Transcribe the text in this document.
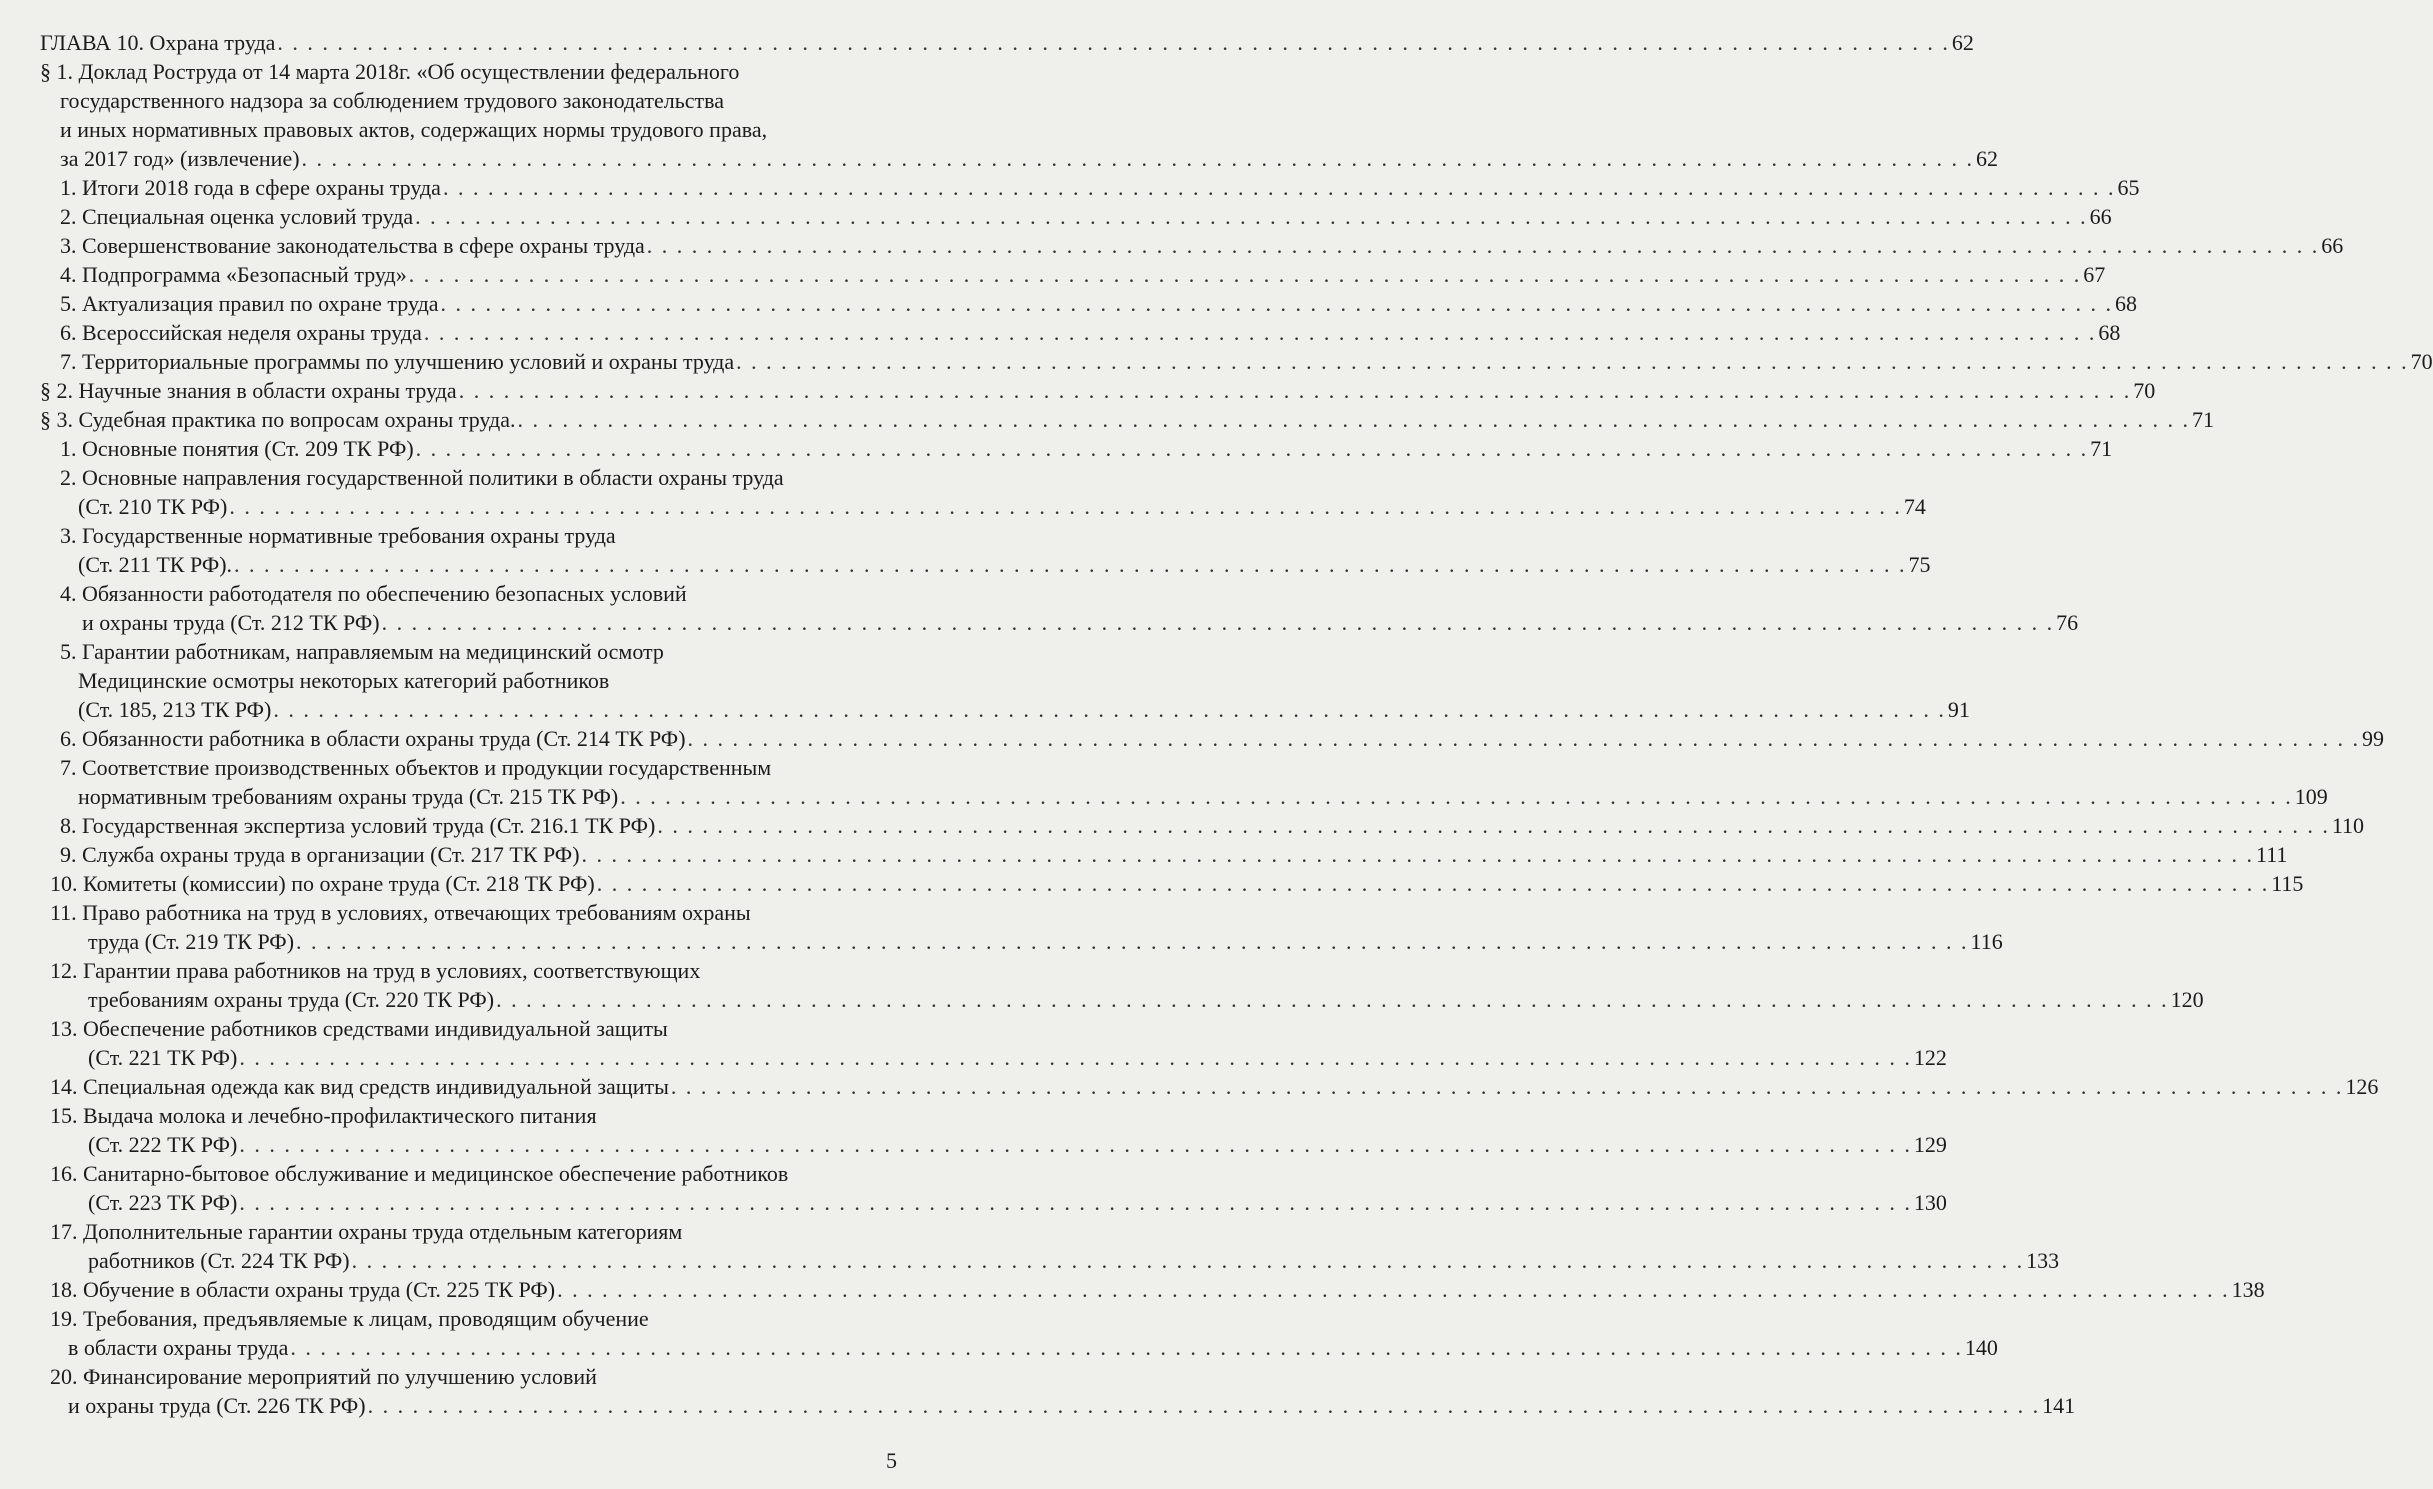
ГЛАВА 10. Охрана труда . . . . . . . . . . . . . . . . . . . . . . . . . . . . . . . . . . . . . . . . . . . . . . . . . . . . . . . . . . . . . . . . . . . . . . . . . . . . . . . . . . . . . . . . . . . . . . . . . . . . . . . . . . . . . . . . 62
§ 1. Доклад Роструда от 14 марта 2018г. «Об осуществлении федерального
государственного надзора за соблюдением трудового законодательства
и иных нормативных правовых актов, содержащих нормы трудового права,
за 2017 год» (извлечение) . . . . . . . . . . . . . . . . . . . . . . . . . . . . . . . . . . . . . . . . . . . . . . . . . . . . . . . . . . . . . . . . . . . . . . . . . . . . . . . . . . . . . . . . . . . . . . . . . . . . . . . . . . . . . . . . 62
1. Итоги 2018 года в сфере охраны труда . . . . . . . . . . . . . . . . . . . . . . . . . . . . . . . . . . . . . . . . . . . . . . . . . . . . . . . . . . . . . . . . . . . . . . . . . . . . . . . . . . . . . . . . . . . . . . . . . . . . . . . . . . . . . . . . 65
2. Специальная оценка условий труда . . . . . . . . . . . . . . . . . . . . . . . . . . . . . . . . . . . . . . . . . . . . . . . . . . . . . . . . . . . . . . . . . . . . . . . . . . . . . . . . . . . . . . . . . . . . . . . . . . . . . . . . . . . . . . . . 66
3. Совершенствование законодательства в сфере охраны труда . . . . . . . . . . . . . . . . . . . . . . . . . . . . . . . . . . . . . . . . . . . . . . . . . . . . . . . . . . . . . . . . . . . . . . . . . . . . . . . . . . . . . . . . . . . . . . . . . . . . . . . . . . . . . . . . 66
4. Подпрограмма «Безопасный труд» . . . . . . . . . . . . . . . . . . . . . . . . . . . . . . . . . . . . . . . . . . . . . . . . . . . . . . . . . . . . . . . . . . . . . . . . . . . . . . . . . . . . . . . . . . . . . . . . . . . . . . . . . . . . . . . . 67
5. Актуализация правил по охране труда . . . . . . . . . . . . . . . . . . . . . . . . . . . . . . . . . . . . . . . . . . . . . . . . . . . . . . . . . . . . . . . . . . . . . . . . . . . . . . . . . . . . . . . . . . . . . . . . . . . . . . . . . . . . . . . . 68
6. Всероссийская неделя охраны труда . . . . . . . . . . . . . . . . . . . . . . . . . . . . . . . . . . . . . . . . . . . . . . . . . . . . . . . . . . . . . . . . . . . . . . . . . . . . . . . . . . . . . . . . . . . . . . . . . . . . . . . . . . . . . . . . 68
7. Территориальные программы по улучшению условий и охраны труда . . . . . . . . . . . . . . . . . . . . . . . . . . . . . . . . . . . . . . . . . . . . . . . . . . . . . . . . . . . . . . . . . . . . . . . . . . . . . . . . . . . . . . . . . . . . . . . . . . . . . . . . . . . . . . . . 70
§ 2. Научные знания в области охраны труда . . . . . . . . . . . . . . . . . . . . . . . . . . . . . . . . . . . . . . . . . . . . . . . . . . . . . . . . . . . . . . . . . . . . . . . . . . . . . . . . . . . . . . . . . . . . . . . . . . . . . . . . . . . . . . . . 70
§ 3. Судебная практика по вопросам охраны труда. . . . . . . . . . . . . . . . . . . . . . . . . . . . . . . . . . . . . . . . . . . . . . . . . . . . . . . . . . . . . . . . . . . . . . . . . . . . . . . . . . . . . . . . . . . . . . . . . . . . . . . . . . . . . . . . . 71
1. Основные понятия (Ст. 209 ТК РФ) . . . . . . . . . . . . . . . . . . . . . . . . . . . . . . . . . . . . . . . . . . . . . . . . . . . . . . . . . . . . . . . . . . . . . . . . . . . . . . . . . . . . . . . . . . . . . . . . . . . . . . . . . . . . . . . . 71
2. Основные направления государственной политики в области охраны труда
(Ст. 210 ТК РФ) . . . . . . . . . . . . . . . . . . . . . . . . . . . . . . . . . . . . . . . . . . . . . . . . . . . . . . . . . . . . . . . . . . . . . . . . . . . . . . . . . . . . . . . . . . . . . . . . . . . . . . . . . . . . . . . . 74
3. Государственные нормативные требования охраны труда
(Ст. 211 ТК РФ). . . . . . . . . . . . . . . . . . . . . . . . . . . . . . . . . . . . . . . . . . . . . . . . . . . . . . . . . . . . . . . . . . . . . . . . . . . . . . . . . . . . . . . . . . . . . . . . . . . . . . . . . . . . . . . . . 75
4. Обязанности работодателя по обеспечению безопасных условий
и охраны труда (Ст. 212 ТК РФ) . . . . . . . . . . . . . . . . . . . . . . . . . . . . . . . . . . . . . . . . . . . . . . . . . . . . . . . . . . . . . . . . . . . . . . . . . . . . . . . . . . . . . . . . . . . . . . . . . . . . . . . . . . . . . . . . 76
5. Гарантии работникам, направляемым на медицинский осмотр
Медицинские осмотры некоторых категорий работников
(Ст. 185, 213 ТК РФ) . . . . . . . . . . . . . . . . . . . . . . . . . . . . . . . . . . . . . . . . . . . . . . . . . . . . . . . . . . . . . . . . . . . . . . . . . . . . . . . . . . . . . . . . . . . . . . . . . . . . . . . . . . . . . . . . 91
6. Обязанности работника в области охраны труда (Ст. 214 ТК РФ) . . . . . . . . . . . . . . . . . . . . . . . . . . . . . . . . . . . . . . . . . . . . . . . . . . . . . . . . . . . . . . . . . . . . . . . . . . . . . . . . . . . . . . . . . . . . . . . . . . . . . . . . . . . . . . . . 99
7. Соответствие производственных объектов и продукции государственным
нормативным требованиям охраны труда (Ст. 215 ТК РФ) . . . . . . . . . . . . . . . . . . . . . . . . . . . . . . . . . . . . . . . . . . . . . . . . . . . . . . . . . . . . . . . . . . . . . . . . . . . . . . . . . . . . . . . . . . . . . . . . . . . . . . . . . . . . . . . . 109
8. Государственная экспертиза условий труда (Ст. 216.1 ТК РФ) . . . . . . . . . . . . . . . . . . . . . . . . . . . . . . . . . . . . . . . . . . . . . . . . . . . . . . . . . . . . . . . . . . . . . . . . . . . . . . . . . . . . . . . . . . . . . . . . . . . . . . . . . . . . . . . . 110
9. Служба охраны труда в организации (Ст. 217 ТК РФ) . . . . . . . . . . . . . . . . . . . . . . . . . . . . . . . . . . . . . . . . . . . . . . . . . . . . . . . . . . . . . . . . . . . . . . . . . . . . . . . . . . . . . . . . . . . . . . . . . . . . . . . . . . . . . . . . 111
10. Комитеты (комиссии) по охране труда (Ст. 218 ТК РФ) . . . . . . . . . . . . . . . . . . . . . . . . . . . . . . . . . . . . . . . . . . . . . . . . . . . . . . . . . . . . . . . . . . . . . . . . . . . . . . . . . . . . . . . . . . . . . . . . . . . . . . . . . . . . . . . . 115
11. Право работника на труд в условиях, отвечающих требованиям охраны
труда (Ст. 219 ТК РФ) . . . . . . . . . . . . . . . . . . . . . . . . . . . . . . . . . . . . . . . . . . . . . . . . . . . . . . . . . . . . . . . . . . . . . . . . . . . . . . . . . . . . . . . . . . . . . . . . . . . . . . . . . . . . . . . . 116
12. Гарантии права работников на труд в условиях, соответствующих
требованиям охраны труда (Ст. 220 ТК РФ) . . . . . . . . . . . . . . . . . . . . . . . . . . . . . . . . . . . . . . . . . . . . . . . . . . . . . . . . . . . . . . . . . . . . . . . . . . . . . . . . . . . . . . . . . . . . . . . . . . . . . . . . . . . . . . . . 120
13. Обеспечение работников средствами индивидуальной защиты
(Ст. 221 ТК РФ) . . . . . . . . . . . . . . . . . . . . . . . . . . . . . . . . . . . . . . . . . . . . . . . . . . . . . . . . . . . . . . . . . . . . . . . . . . . . . . . . . . . . . . . . . . . . . . . . . . . . . . . . . . . . . . . . 122
14. Специальная одежда как вид средств индивидуальной защиты . . . . . . . . . . . . . . . . . . . . . . . . . . . . . . . . . . . . . . . . . . . . . . . . . . . . . . . . . . . . . . . . . . . . . . . . . . . . . . . . . . . . . . . . . . . . . . . . . . . . . . . . . . . . . . . . 126
15. Выдача молока и лечебно-профилактического питания
(Ст. 222 ТК РФ) . . . . . . . . . . . . . . . . . . . . . . . . . . . . . . . . . . . . . . . . . . . . . . . . . . . . . . . . . . . . . . . . . . . . . . . . . . . . . . . . . . . . . . . . . . . . . . . . . . . . . . . . . . . . . . . . 129
16. Санитарно-бытовое обслуживание и медицинское обеспечение работников
(Ст. 223 ТК РФ) . . . . . . . . . . . . . . . . . . . . . . . . . . . . . . . . . . . . . . . . . . . . . . . . . . . . . . . . . . . . . . . . . . . . . . . . . . . . . . . . . . . . . . . . . . . . . . . . . . . . . . . . . . . . . . . . 130
17. Дополнительные гарантии охраны труда отдельным категориям
работников (Ст. 224 ТК РФ) . . . . . . . . . . . . . . . . . . . . . . . . . . . . . . . . . . . . . . . . . . . . . . . . . . . . . . . . . . . . . . . . . . . . . . . . . . . . . . . . . . . . . . . . . . . . . . . . . . . . . . . . . . . . . . . . 133
18. Обучение в области охраны труда (Ст. 225 ТК РФ) . . . . . . . . . . . . . . . . . . . . . . . . . . . . . . . . . . . . . . . . . . . . . . . . . . . . . . . . . . . . . . . . . . . . . . . . . . . . . . . . . . . . . . . . . . . . . . . . . . . . . . . . . . . . . . . . 138
19. Требования, предъявляемые к лицам, проводящим обучение
в области охраны труда . . . . . . . . . . . . . . . . . . . . . . . . . . . . . . . . . . . . . . . . . . . . . . . . . . . . . . . . . . . . . . . . . . . . . . . . . . . . . . . . . . . . . . . . . . . . . . . . . . . . . . . . . . . . . . . . 140
20. Финансирование мероприятий по улучшению условий
и охраны труда (Ст. 226 ТК РФ) . . . . . . . . . . . . . . . . . . . . . . . . . . . . . . . . . . . . . . . . . . . . . . . . . . . . . . . . . . . . . . . . . . . . . . . . . . . . . . . . . . . . . . . . . . . . . . . . . . . . . . . . . . . . . . . . 141
5
